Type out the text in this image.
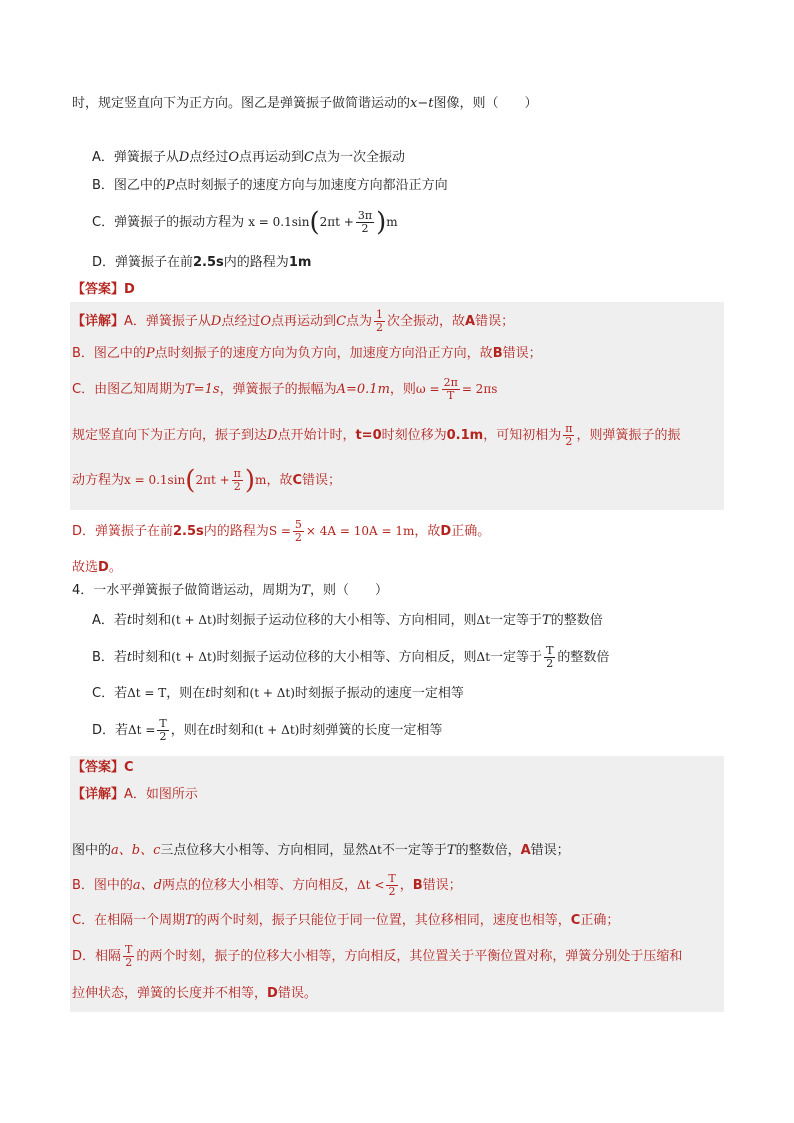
时，规定竖直向下为正方向。图乙是弹簧振子做简谐运动的x−t图像，则（　　）
A．弹簧振子从D点经过O点再运动到C点为一次全振动
B．图乙中的P点时刻振子的速度方向与加速度方向都沿正方向
C．弹簧振子的振动方程为 $x = 0.1\sin(2\pi t + \frac{3\pi}{2} )m$
D．弹簧振子在前2.5s内的路程为1m
【答案】D
【详解】A．弹簧振子从D点经过O点再运动到C点为 $\frac{1}{2}$ 次全振动，故A错误；
B．图乙中的P点时刻振子的速度方向为负方向，加速度方向沿正方向，故B错误；
C．由图乙知周期为T=1s，弹簧振子的振幅为A=0.1m，则$\omega = \frac{2\pi}{T} = 2\pi s$
规定竖直向下为正方向，振子到达D点开始计时，t=0时刻位移为0.1m，可知初相为 $\frac{\pi}{2}$ ，则弹簧振子的振
动方程为$x = 0.1\sin(2\pi t + \frac{\pi}{2} )m$，故C错误；
D．弹簧振子在前2.5s内的路程为$S = \frac{5}{2} \times 4A = 10A = 1m$，故D正确。
故选D。
4．一水平弹簧振子做简谐运动，周期为T，则（　　）
A．若t时刻和(t + Δt)时刻振子运动位移的大小相等、方向相同，则Δt一定等于T的整数倍
B．若t时刻和(t + Δt)时刻振子运动位移的大小相等、方向相反，则Δt一定等于 $\frac{T}{2}$ 的整数倍
C．若Δt = T，则在t时刻和(t + Δt)时刻振子振动的速度一定相等
D．若$\Delta t = \frac{T}{2}$ ，则在t时刻和(t + Δt)时刻弹簧的长度一定相等
【答案】C
【详解】A．如图所示
图中的a、b、c三点位移大小相等、方向相同，显然Δt不一定等于T的整数倍，A错误；
B．图中的a、d两点的位移大小相等、方向相反，$\Delta t < \frac{T}{2}$ ，B错误；
C．在相隔一个周期T的两个时刻，振子只能位于同一位置，其位移相同，速度也相等，C正确；
D．相隔 $\frac{T}{2}$ 的两个时刻，振子的位移大小相等，方向相反，其位置关于平衡位置对称，弹簧分别处于压缩和
拉伸状态，弹簧的长度并不相等，D错误。
